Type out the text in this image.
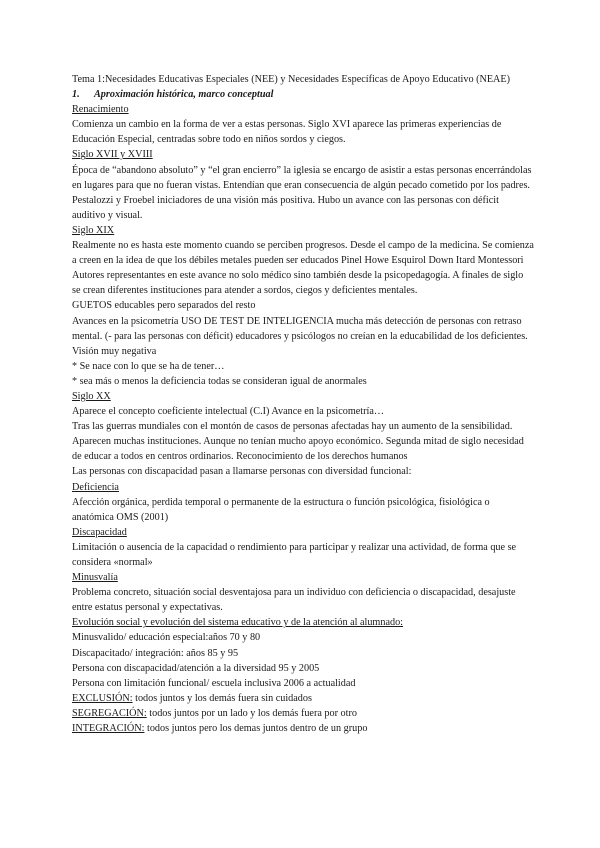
Tema 1:Necesidades Educativas Especiales (NEE) y Necesidades Específicas de Apoyo Educativo (NEAE)

1. Aproximación histórica, marco conceptual

Renacimiento

Comienza un cambio en la forma de ver a estas personas. Siglo XVI aparece las primeras experiencias de Educación Especial, centradas sobre todo en niños sordos y ciegos.

Siglo XVII y XVIII

Época de “abandono absoluto” y “el gran encierro” la iglesia se encargo de asistir a estas personas encerrándolas en lugares para que no fueran vistas. Entendían que eran consecuencia de algún pecado cometido por los padres. Pestalozzi y Froebel iniciadores de una visión más positiva. Hubo un avance con las personas con déficit auditivo y visual.

Siglo XIX

Realmente no es hasta este momento cuando se perciben progresos. Desde el campo de la medicina. Se comienza a creen en la idea de que los débiles metales pueden ser educados Pinel Howe Esquirol Down Itard Montessori Autores representantes en este avance no solo médico sino también desde la psicopedagogía. A finales de siglo se crean diferentes instituciones para atender a sordos, ciegos y deficientes mentales.

GUETOS educables pero separados del resto

Avances en la psicometría USO DE TEST DE INTELIGENCIA mucha más detección de personas con retraso mental. (- para las personas con déficit) educadores y psicólogos no creían en la educabilidad de los deficientes.

Visión muy negativa

* Se nace con lo que se ha de tener…

* sea más o menos la deficiencia todas se consideran igual de anormales

Siglo XX

Aparece el concepto coeficiente intelectual (C.I) Avance en la psicometría…

Tras las guerras mundiales con el montón de casos de personas afectadas hay un aumento de la sensibilidad. Aparecen muchas instituciones. Aunque no tenían mucho apoyo económico. Segunda mitad de siglo necesidad de educar a todos en centros ordinarios. Reconocimiento de los derechos humanos

Las personas con discapacidad pasan a llamarse personas con diversidad funcional:

Deficiencia

Afección orgánica, perdida temporal o permanente de la estructura o función psicológica, fisiológica o anatómica OMS (2001)

Discapacidad

Limitación o ausencia de la capacidad o rendimiento para participar y realizar una actividad, de forma que se considera «normal»

Minusvalía

Problema concreto, situación social desventajosa para un individuo con deficiencia o discapacidad, desajuste entre estatus personal y expectativas.

Evolución social y evolución del sistema educativo y de la atención al alumnado:

Minusvalido/ educación especial:años 70 y 80

Discapacitado/ integración: años 85 y 95

Persona con discapacidad/atención a la diversidad 95 y 2005

Persona con limitación funcional/ escuela inclusiva 2006 a actualidad

EXCLUSIÓN: todos juntos y los demás fuera sin cuidados

SEGREGACIÓN: todos juntos por un lado y los demás fuera por otro

INTEGRACIÓN: todos juntos pero los demas juntos dentro de un grupo
